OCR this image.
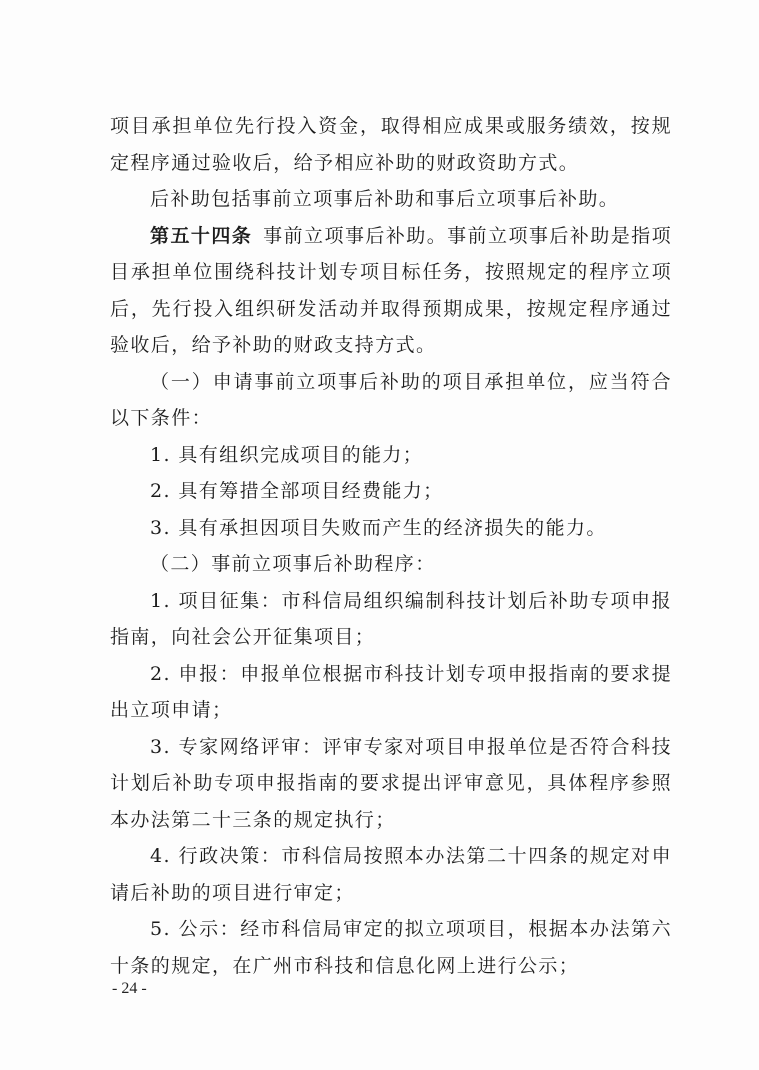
项目承担单位先行投入资金，取得相应成果或服务绩效，按规定程序通过验收后，给予相应补助的财政资助方式。

后补助包括事前立项事后补助和事后立项事后补助。

第五十四条  事前立项事后补助。事前立项事后补助是指项目承担单位围绕科技计划专项目标任务，按照规定的程序立项后，先行投入组织研发活动并取得预期成果，按规定程序通过验收后，给予补助的财政支持方式。

（一）申请事前立项事后补助的项目承担单位，应当符合以下条件：

1. 具有组织完成项目的能力；

2. 具有筹措全部项目经费能力；

3. 具有承担因项目失败而产生的经济损失的能力。

（二）事前立项事后补助程序：

1. 项目征集：市科信局组织编制科技计划后补助专项申报指南，向社会公开征集项目；

2. 申报：申报单位根据市科技计划专项申报指南的要求提出立项申请；

3. 专家网络评审：评审专家对项目申报单位是否符合科技计划后补助专项申报指南的要求提出评审意见，具体程序参照本办法第二十三条的规定执行；

4. 行政决策：市科信局按照本办法第二十四条的规定对申请后补助的项目进行审定；

5. 公示：经市科信局审定的拟立项项目，根据本办法第六十条的规定，在广州市科技和信息化网上进行公示；

- 24 -
